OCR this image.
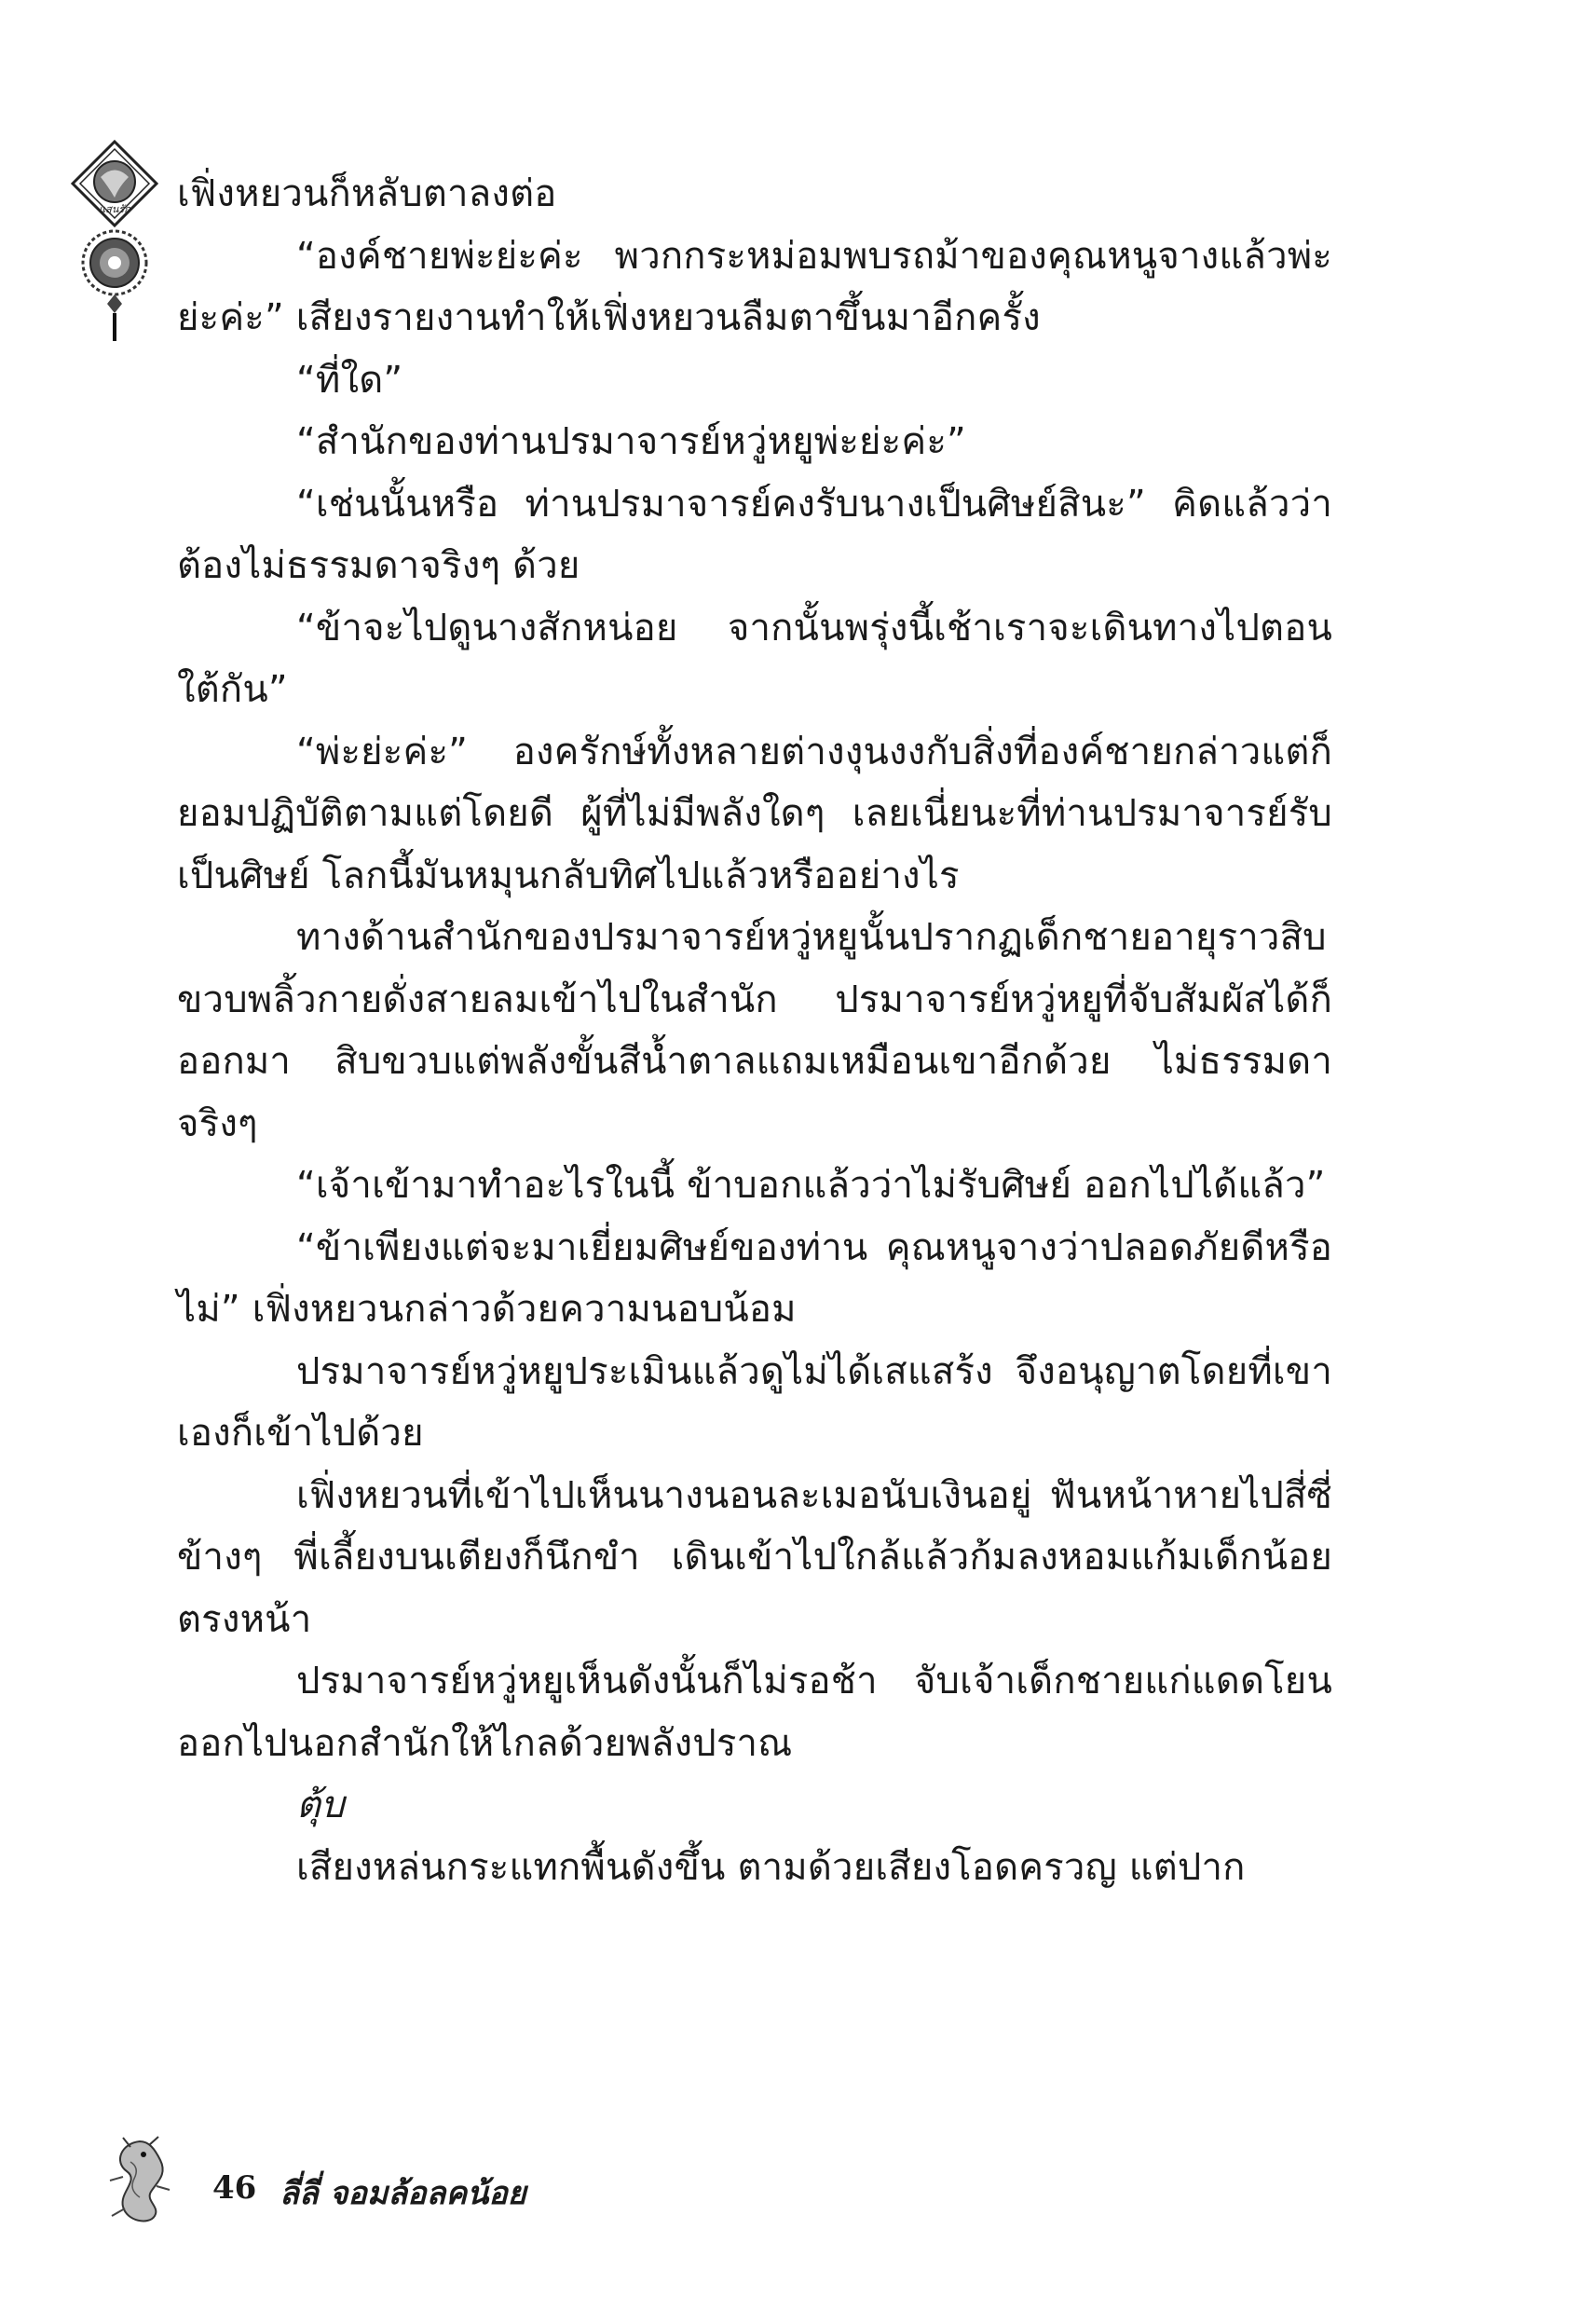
แสนรัก เฟิ่งหยวนก็หลับตาลงต่อ

“องค์ชายพ่ะย่ะค่ะ พวกกระหม่อมพบรถม้าของคุณหนูจางแล้วพ่ะย่ะค่ะ” เสียงรายงานทำให้เฟิ่งหยวนลืมตาขึ้นมาอีกครั้ง

“ที่ใด”

“สำนักของท่านปรมาจารย์หวู่หยูพ่ะย่ะค่ะ”

“เช่นนั้นหรือ ท่านปรมาจารย์คงรับนางเป็นศิษย์สินะ” คิดแล้วว่าต้องไม่ธรรมดาจริงๆ ด้วย

“ข้าจะไปดูนางสักหน่อย จากนั้นพรุ่งนี้เช้าเราจะเดินทางไปตอนใต้กัน”

“พ่ะย่ะค่ะ” องครักษ์ทั้งหลายต่างงุนงงกับสิ่งที่องค์ชายกล่าวแต่ก็ยอมปฏิบัติตามแต่โดยดี ผู้ที่ไม่มีพลังใดๆ เลยเนี่ยนะที่ท่านปรมาจารย์รับเป็นศิษย์ โลกนี้มันหมุนกลับทิศไปแล้วหรืออย่างไร

ทางด้านสำนักของปรมาจารย์หวู่หยูนั้นปรากฏเด็กชายอายุราวสิบขวบพลิ้วกายดั่งสายลมเข้าไปในสำนัก ปรมาจารย์หวู่หยูที่จับสัมผัสได้ก็ออกมา สิบขวบแต่พลังขั้นสีน้ำตาลแถมเหมือนเขาอีกด้วย ไม่ธรรมดาจริงๆ

“เจ้าเข้ามาทำอะไรในนี้ ข้าบอกแล้วว่าไม่รับศิษย์ ออกไปได้แล้ว”

“ข้าเพียงแต่จะมาเยี่ยมศิษย์ของท่าน คุณหนูจางว่าปลอดภัยดีหรือไม่” เฟิ่งหยวนกล่าวด้วยความนอบน้อม

ปรมาจารย์หวู่หยูประเมินแล้วดูไม่ได้เสแสร้ง จึงอนุญาตโดยที่เขาเองก็เข้าไปด้วย

เฟิ่งหยวนที่เข้าไปเห็นนางนอนละเมอนับเงินอยู่ ฟันหน้าหายไปสี่ซี่ ข้างๆ พี่เลี้ยงบนเตียงก็นึกขำ เดินเข้าไปใกล้แล้วก้มลงหอมแก้มเด็กน้อยตรงหน้า

ปรมาจารย์หวู่หยูเห็นดังนั้นก็ไม่รอช้า จับเจ้าเด็กชายแก่แดดโยนออกไปนอกสำนักให้ไกลด้วยพลังปราณ

ตุ้บ

เสียงหล่นกระแทกพื้นดังขึ้น ตามด้วยเสียงโอดครวญ แต่ปาก

46 ลี่ลี่ จอมล้อลคน้อย
